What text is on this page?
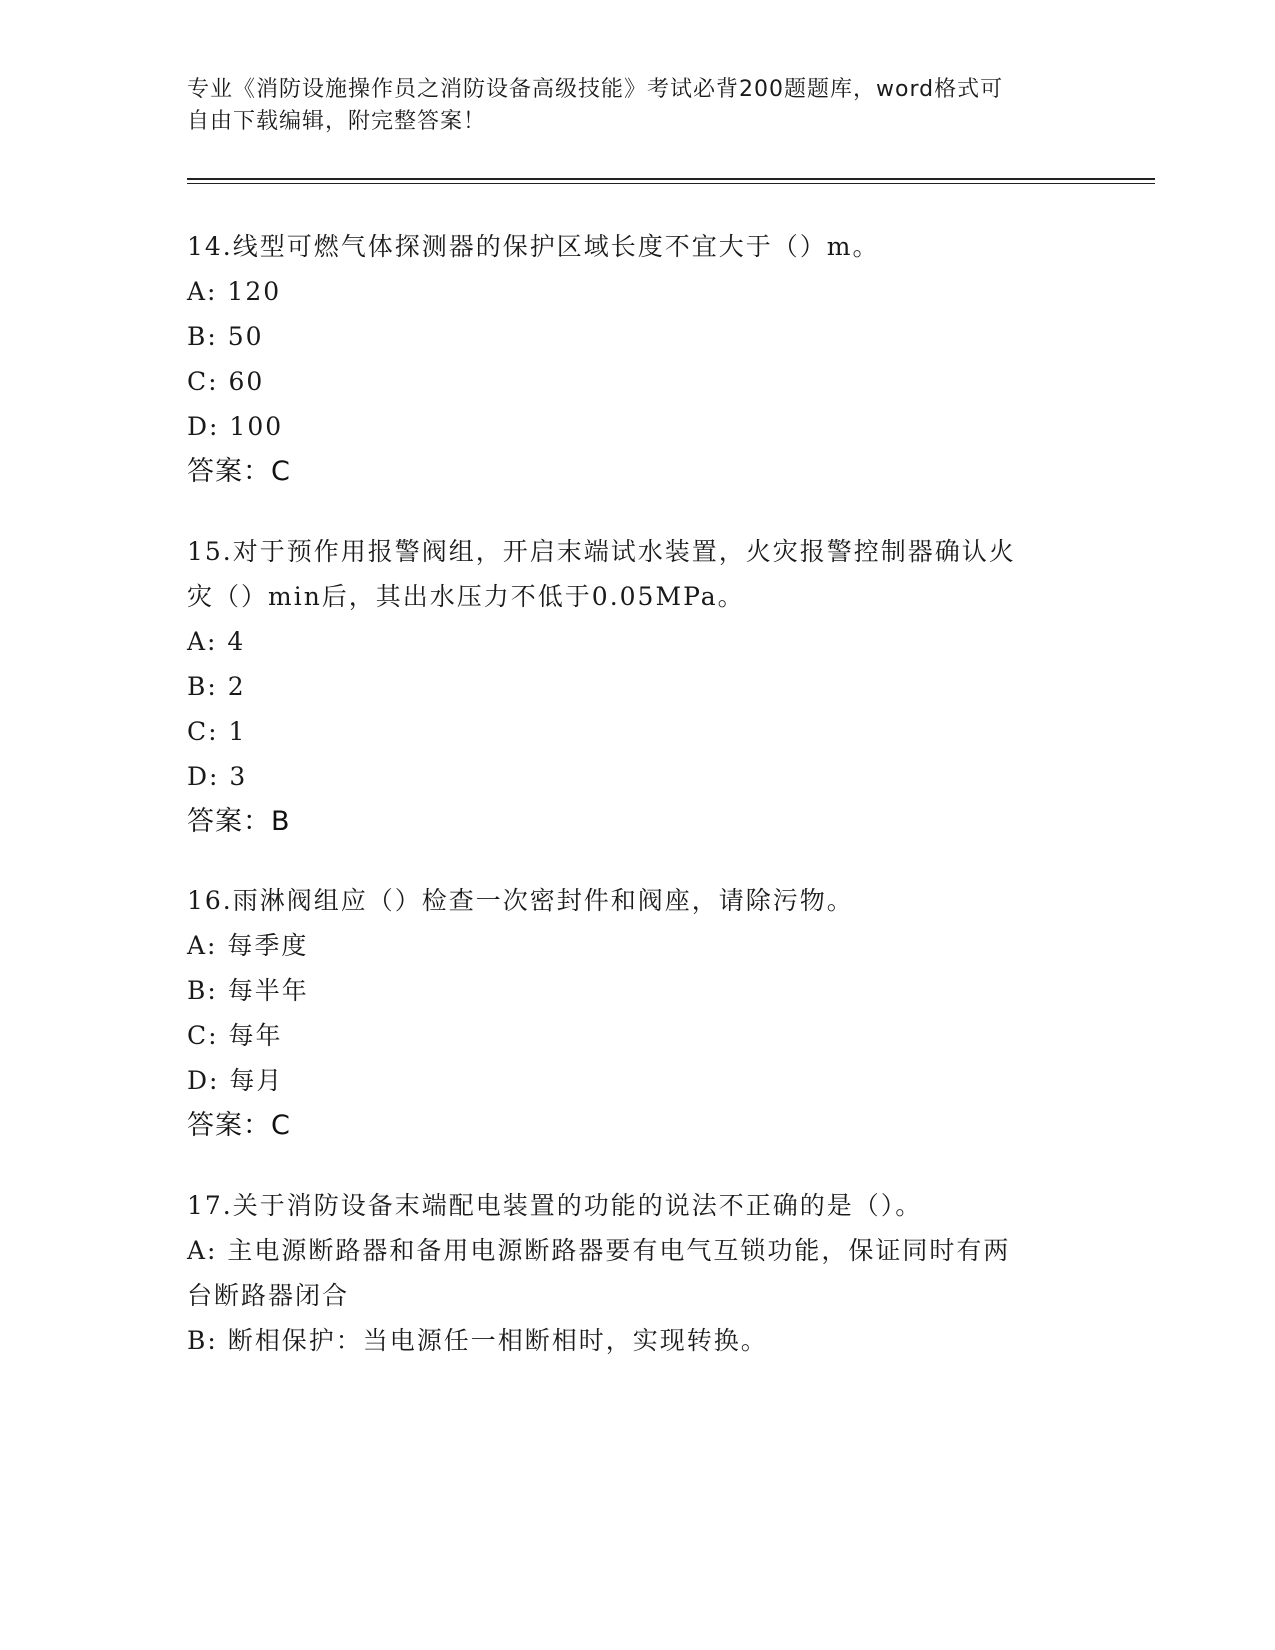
专业《消防设施操作员之消防设备高级技能》考试必背200题题库，word格式可
自由下载编辑，附完整答案！
14.线型可燃气体探测器的保护区域长度不宜大于（）m。
A: 120
B: 50
C: 60
D: 100
答案：C
15.对于预作用报警阀组，开启末端试水装置，火灾报警控制器确认火
灾（）min后，其出水压力不低于0.05MPa。
A: 4
B: 2
C: 1
D: 3
答案：B
16.雨淋阀组应（）检查一次密封件和阀座，请除污物。
A: 每季度
B: 每半年
C: 每年
D: 每月
答案：C
17.关于消防设备末端配电装置的功能的说法不正确的是（）。
A: 主电源断路器和备用电源断路器要有电气互锁功能，保证同时有两
台断路器闭合
B: 断相保护：当电源任一相断相时，实现转换。
